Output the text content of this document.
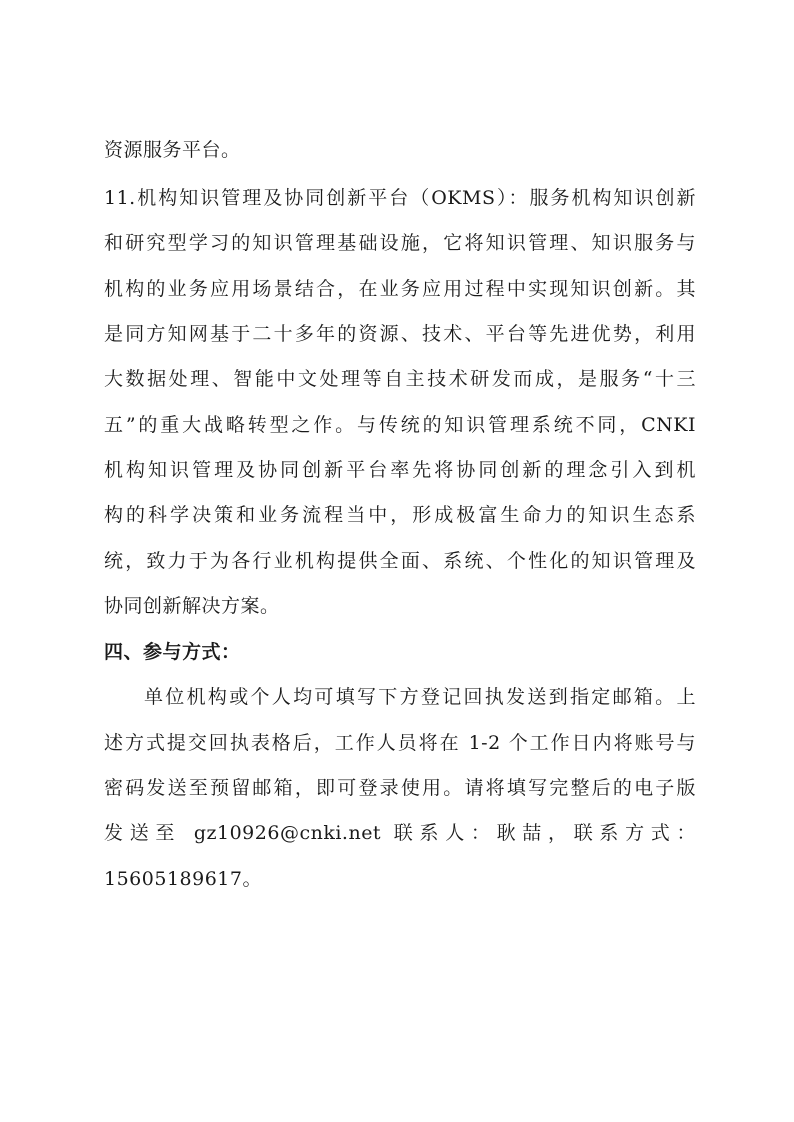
资源服务平台。
11.机构知识管理及协同创新平台（OKMS）：服务机构知识创新
和研究型学习的知识管理基础设施，它将知识管理、知识服务与
机构的业务应用场景结合，在业务应用过程中实现知识创新。其
是同方知网基于二十多年的资源、技术、平台等先进优势，利用
大数据处理、智能中文处理等自主技术研发而成，是服务“十三
五”的重大战略转型之作。与传统的知识管理系统不同，CNKI
机构知识管理及协同创新平台率先将协同创新的理念引入到机
构的科学决策和业务流程当中，形成极富生命力的知识生态系
统，致力于为各行业机构提供全面、系统、个性化的知识管理及
协同创新解决方案。
四、参与方式：
单位机构或个人均可填写下方登记回执发送到指定邮箱。上
述方式提交回执表格后，工作人员将在 1-2 个工作日内将账号与
密码发送至预留邮箱，即可登录使用。请将填写完整后的电子版
发送至 gz10926@cnki.net 联系人：耿喆，联系方式：
15605189617。
